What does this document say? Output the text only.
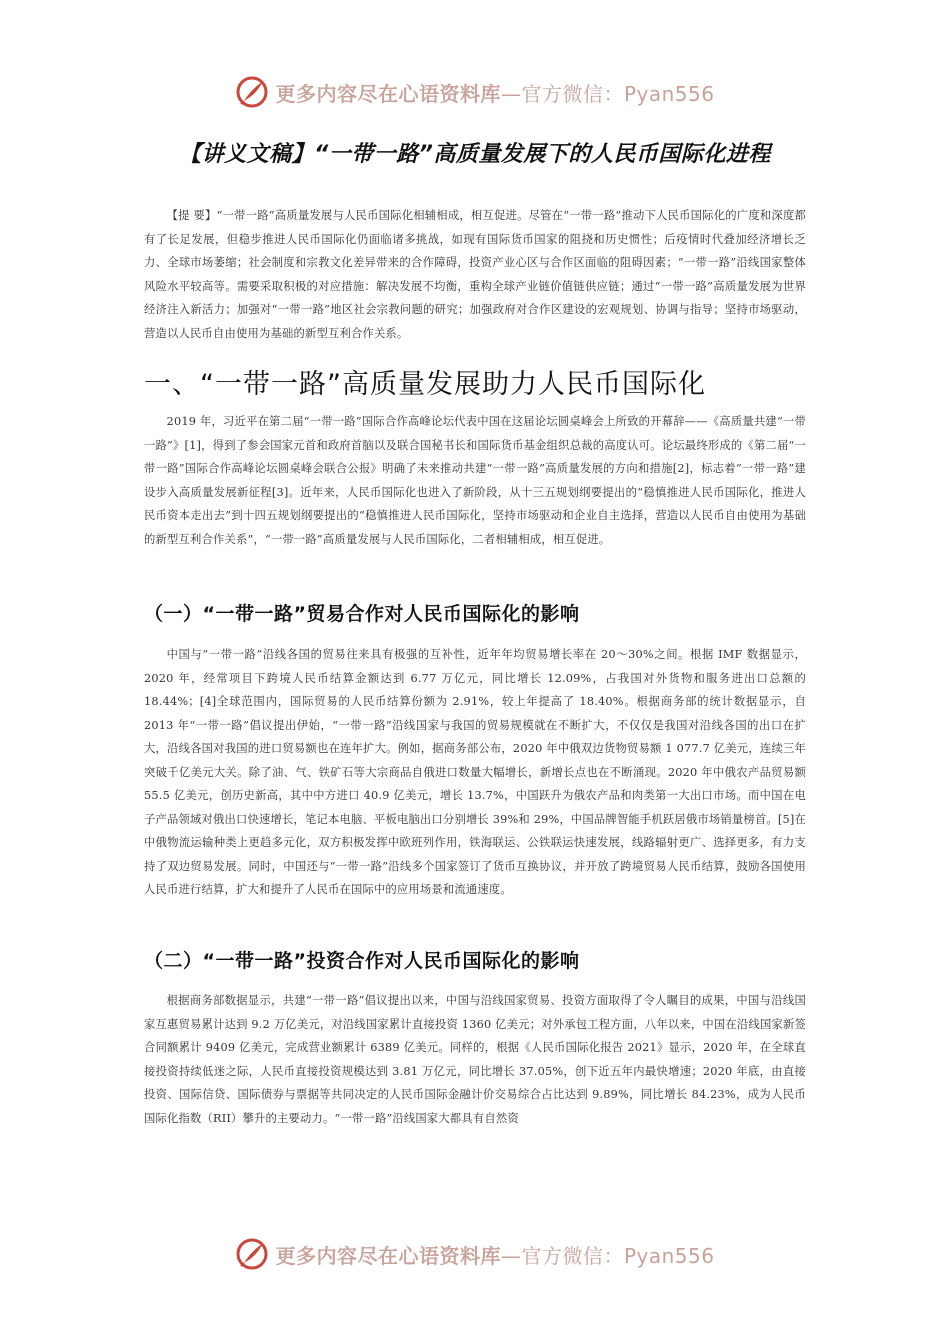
更多内容尽在心语资料库—官方微信：Pyan556
【讲义文稿】“一带一路”高质量发展下的人民币国际化进程

【提 要】“一带一路”高质量发展与人民币国际化相辅相成，相互促进。尽管在“一带一路”推动下人民币国际化的广度和深度都有了长足发展，但稳步推进人民币国际化仍面临诸多挑战，如现有国际货币国家的阻挠和历史惯性；后疫情时代叠加经济增长乏力、全球市场萎缩；社会制度和宗教文化差异带来的合作障碍，投资产业心区与合作区面临的阻碍因素；“一带一路”沿线国家整体风险水平较高等。需要采取积极的对应措施：解决发展不均衡，重构全球产业链价值链供应链；通过“一带一路”高质量发展为世界经济注入新活力；加强对“一带一路”地区社会宗教问题的研究；加强政府对合作区建设的宏观规划、协调与指导；坚持市场驱动，营造以人民币自由使用为基础的新型互利合作关系。

一、“一带一路”高质量发展助力人民币国际化

2019 年，习近平在第二届“一带一路”国际合作高峰论坛代表中国在这届论坛圆桌峰会上所致的开幕辞——《高质量共建“一带一路”》[1]，得到了参会国家元首和政府首脑以及联合国秘书长和国际货币基金组织总裁的高度认可。论坛最终形成的《第二届“一带一路”国际合作高峰论坛圆桌峰会联合公报》明确了未来推动共建“一带一路”高质量发展的方向和措施[2]，标志着“一带一路”建设步入高质量发展新征程[3]。近年来，人民币国际化也进入了新阶段，从十三五规划纲要提出的“稳慎推进人民币国际化，推进人民币资本走出去”到十四五规划纲要提出的“稳慎推进人民币国际化，坚持市场驱动和企业自主选择，营造以人民币自由使用为基础的新型互利合作关系”，“一带一路”高质量发展与人民币国际化，二者相辅相成，相互促进。

（一）“一带一路”贸易合作对人民币国际化的影响

中国与“一带一路”沿线各国的贸易往来具有极强的互补性，近年年均贸易增长率在 20～30%之间。根据 IMF 数据显示，2020 年，经常项目下跨境人民币结算金额达到 6.77 万亿元，同比增长 12.09%，占我国对外货物和服务进出口总额的 18.44%；[4]全球范围内，国际贸易的人民币结算份额为 2.91%，较上年提高了 18.40%。根据商务部的统计数据显示，自 2013 年“一带一路”倡议提出伊始，“一带一路”沿线国家与我国的贸易规模就在不断扩大，不仅仅是我国对沿线各国的出口在扩大，沿线各国对我国的进口贸易额也在连年扩大。例如，据商务部公布，2020 年中俄双边货物贸易额 1 077.7 亿美元，连续三年突破千亿美元大关。除了油、气、铁矿石等大宗商品自俄进口数量大幅增长，新增长点也在不断涌现。2020 年中俄农产品贸易额 55.5 亿美元，创历史新高，其中中方进口 40.9 亿美元，增长 13.7%，中国跃升为俄农产品和肉类第一大出口市场。而中国在电子产品领域对俄出口快速增长，笔记本电脑、平板电脑出口分别增长 39%和 29%，中国品牌智能手机跃居俄市场销量榜首。[5]在中俄物流运输种类上更趋多元化，双方积极发挥中欧班列作用，铁海联运、公铁联运快速发展，线路辐射更广、选择更多，有力支持了双边贸易发展。同时，中国还与“一带一路”沿线多个国家签订了货币互换协议，并开放了跨境贸易人民币结算，鼓励各国使用人民币进行结算，扩大和提升了人民币在国际中的应用场景和流通速度。

（二）“一带一路”投资合作对人民币国际化的影响

根据商务部数据显示，共建“一带一路”倡议提出以来，中国与沿线国家贸易、投资方面取得了令人瞩目的成果，中国与沿线国家互惠贸易累计达到 9.2 万亿美元，对沿线国家累计直接投资 1360 亿美元；对外承包工程方面，八年以来，中国在沿线国家新签合同额累计 9409 亿美元，完成营业额累计 6389 亿美元。同样的，根据《人民币国际化报告 2021》显示，2020 年，在全球直接投资持续低迷之际，人民币直接投资规模达到 3.81 万亿元，同比增长 37.05%，创下近五年内最快增速；2020 年底，由直接投资、国际信贷、国际债券与票据等共同决定的人民币国际金融计价交易综合占比达到 9.89%，同比增长 84.23%，成为人民币国际化指数（RII）攀升的主要动力。“一带一路”沿线国家大都具有自然资

更多内容尽在心语资料库—官方微信：Pyan556
